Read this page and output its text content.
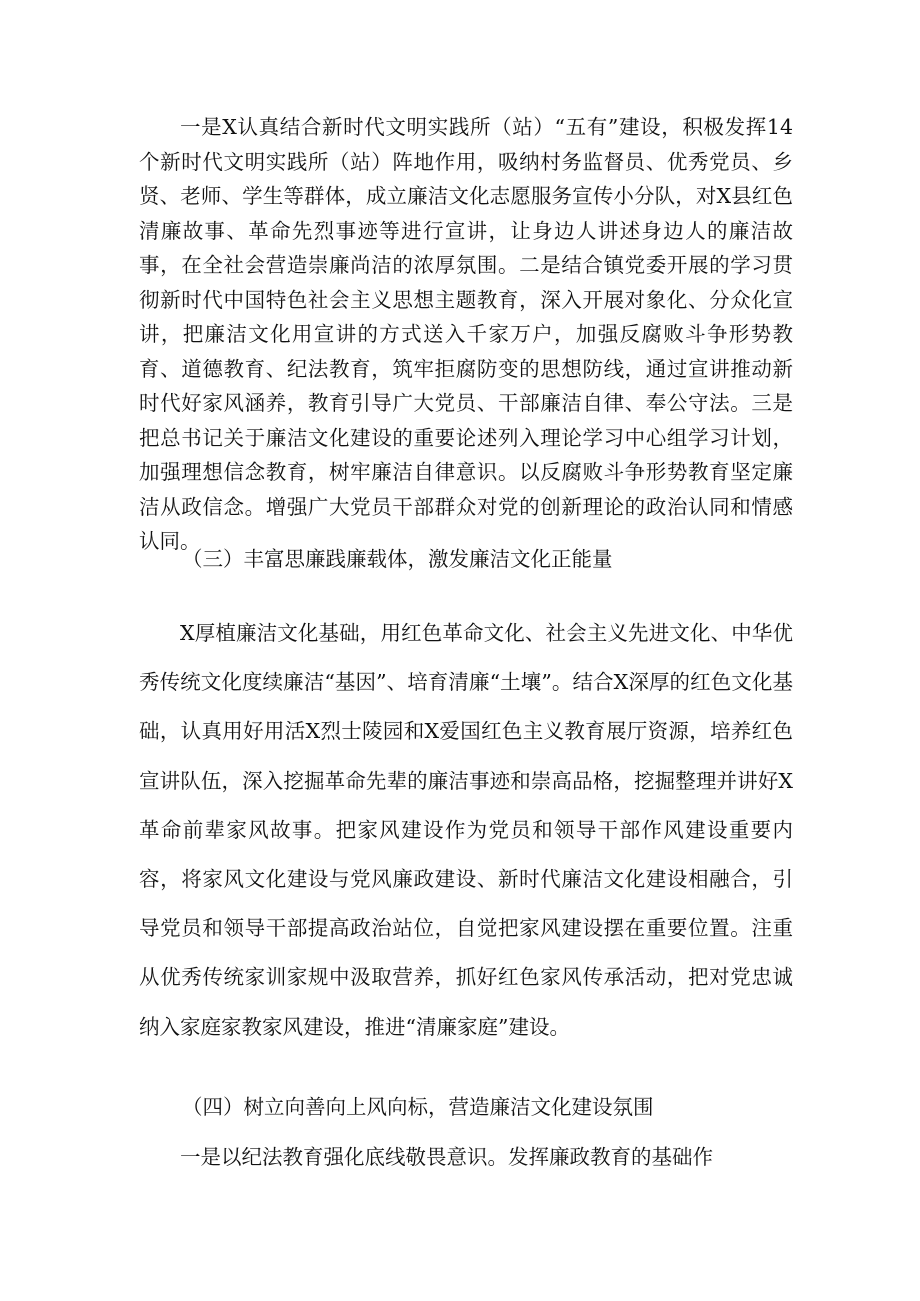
一是X认真结合新时代文明实践所（站）“五有”建设，积极发挥14个新时代文明实践所（站）阵地作用，吸纳村务监督员、优秀党员、乡贤、老师、学生等群体，成立廉洁文化志愿服务宣传小分队，对X县红色清廉故事、革命先烈事迹等进行宣讲，让身边人讲述身边人的廉洁故事，在全社会营造崇廉尚洁的浓厚氛围。二是结合镇党委开展的学习贯彻新时代中国特色社会主义思想主题教育，深入开展对象化、分众化宣讲，把廉洁文化用宣讲的方式送入千家万户，加强反腐败斗争形势教育、道德教育、纪法教育，筑牢拒腐防变的思想防线，通过宣讲推动新时代好家风涵养，教育引导广大党员、干部廉洁自律、奉公守法。三是把总书记关于廉洁文化建设的重要论述列入理论学习中心组学习计划，加强理想信念教育，树牢廉洁自律意识。以反腐败斗争形势教育坚定廉洁从政信念。增强广大党员干部群众对党的创新理论的政治认同和情感认同。

（三）丰富思廉践廉载体，激发廉洁文化正能量

X厚植廉洁文化基础，用红色革命文化、社会主义先进文化、中华优秀传统文化度续廉洁“基因”、培育清廉“土壤”。结合X深厚的红色文化基础，认真用好用活X烈士陵园和X爱国红色主义教育展厅资源，培养红色宣讲队伍，深入挖掘革命先辈的廉洁事迹和崇高品格，挖掘整理并讲好X革命前辈家风故事。把家风建设作为党员和领导干部作风建设重要内容，将家风文化建设与党风廉政建设、新时代廉洁文化建设相融合，引导党员和领导干部提高政治站位，自觉把家风建设摆在重要位置。注重从优秀传统家训家规中汲取营养，抓好红色家风传承活动，把对党忠诚纳入家庭家教家风建设，推进“清廉家庭”建设。

（四）树立向善向上风向标，营造廉洁文化建设氛围

一是以纪法教育强化底线敬畏意识。发挥廉政教育的基础作
